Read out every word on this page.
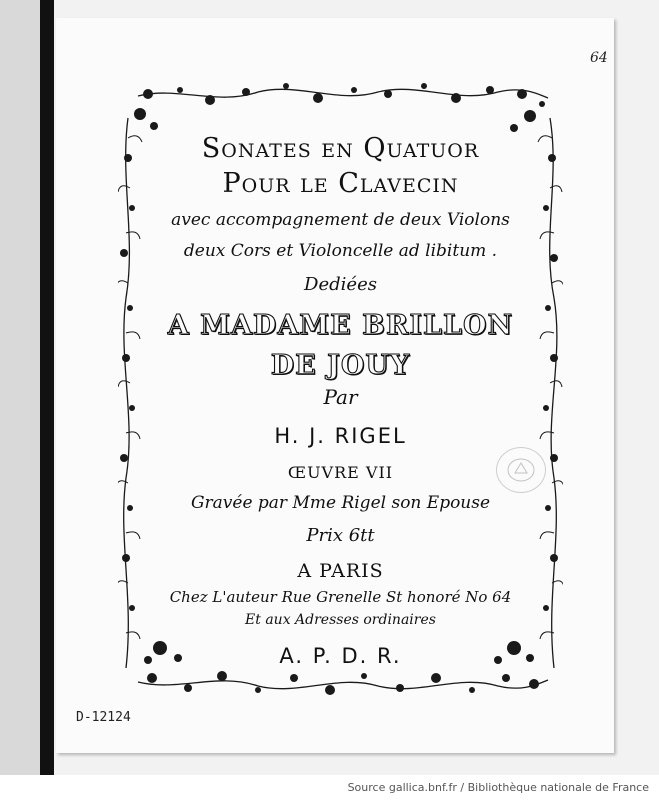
64
Sonates en Quatuor
Pour le Clavecin
avec accompagnement de deux Violons
deux Cors et Violoncelle ad libitum .
Dediées
A MADAME BRILLON
DE JOUY
Par
H. J. RIGEL
ŒUVRE VII
Gravée par Mme Rigel son Epouse
Prix 6tt
A PARIS
Chez L'auteur Rue Grenelle St honoré No 64
Et aux Adresses ordinaires
A. P. D. R.
D-12124
Source gallica.bnf.fr / Bibliothèque nationale de France
